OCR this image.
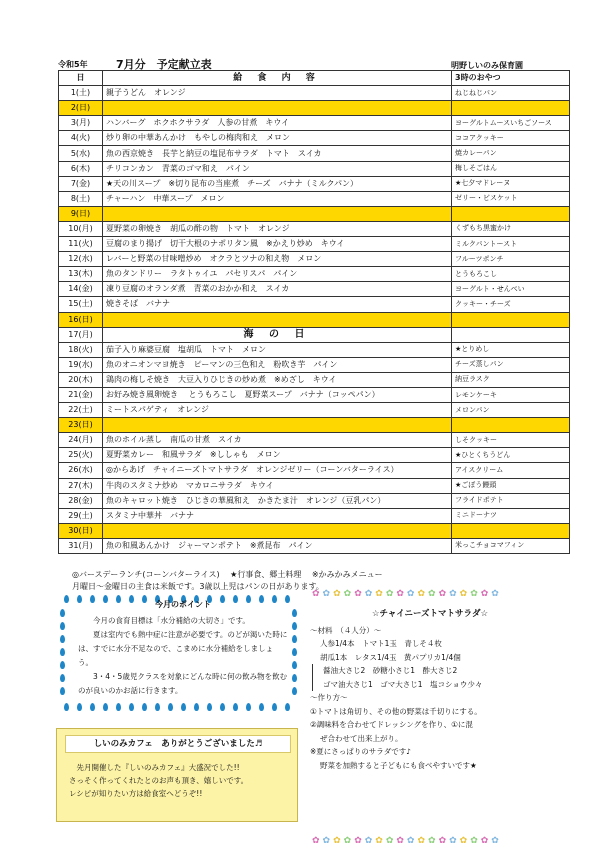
令和5年	7月分　予定献立表	明野しいのみ保育園
日	給 食 内 容	3時のおやつ
1(土)	親子うどん　オレンジ	ねじねじパン
2(日)		
3(月)	ハンバーグ　ホクホクサラダ　人参の甘煮　キウイ	ヨーグルトムースいちごソース
4(火)	炒り卵の中華あんかけ　もやしの梅肉和え　メロン	ココアクッキー
5(水)	魚の西京焼き　長芋と納豆の塩昆布サラダ　トマト　スイカ	焼カレーパン
6(木)	チリコンカン　青菜のゴマ和え　パイン	梅しそごはん
7(金)	★天の川スープ　※切り昆布の当座煮　チーズ　バナナ（ミルクパン）	★七夕マドレーヌ
8(土)	チャーハン　中華スープ　メロン	ゼリー・ビスケット
9(日)		
10(月)	夏野菜の卵焼き　胡瓜の酢の物　トマト　オレンジ	くずもち黒蜜かけ
11(火)	豆腐のまり揚げ　切干大根のナポリタン風　※かえり炒め　キウイ	ミルクパントースト
12(水)	レバーと野菜の甘味噌炒め　オクラとツナの和え物　メロン	フルーツポンチ
13(木)	魚のタンドリー　ラタトゥイユ　パセリスパ　パイン	とうもろこし
14(金)	凍り豆腐のオランダ煮　青菜のおかか和え　スイカ	ヨーグルト・せんべい
15(土)	焼きそば　バナナ	クッキー・チーズ
16(日)		
17(月)	海 の 日	
18(火)	茄子入り麻婆豆腐　塩胡瓜　トマト　メロン	★とりめし
19(水)	魚のオニオンマヨ焼き　ピーマンの三色和え　粉吹き芋　パイン	チーズ蒸しパン
20(木)	鶏肉の梅しそ焼き　大豆入りひじきの炒め煮　※めざし　キウイ	納豆ラスク
21(金)	お好み焼き風卵焼き　 とうもろこし　夏野菜スープ　バナナ（コッペパン）	レモンケーキ
22(土)	ミートスパゲティ　オレンジ	メロンパン
23(日)		
24(月)	魚のホイル蒸し　南瓜の甘煮　スイカ	しそクッキー
25(火)	夏野菜カレー　和風サラダ　※ししゃも　メロン	★ひとくちうどん
26(水)	◎からあげ　チャイニーズトマトサラダ　オレンジゼリー（コーンバターライス）	アイスクリーム
27(木)	牛肉のスタミナ炒め　マカロニサラダ　キウイ	★ごぼう饅頭
28(金)	魚のキャロット焼き　ひじきの華風和え　かきたま汁　オレンジ（豆乳パン）	フライドポテト
29(土)	スタミナ中華丼　バナナ	ミニドーナツ
30(日)		
31(月)	魚の和風あんかけ　ジャーマンポテト　※煮昆布　パイン	米っこチョコマフィン
◎バースデーランチ(コーンバターライス)　 ★行事食、郷土料理　 ※かみかみメニュー
月曜日～金曜日の主食は米飯です。3歳以上児はパンの日があります。
今月のポイント

今月の食育目標は「水分補給の大切さ」です。

夏は室内でも熱中症に注意が必要です。のどが渇いた時には、すでに水分不足なので、こまめに水分補給をしましょう。

3・4・5歳児クラスを対象にどんな時に何の飲み物を飲むのが良いのかお話に行きます。

しいのみカフェ　ありがとうございました♬
先月開催した『しいのみカフェ』大盛況でした!!
さっそく作ってくれたとのお声も頂き、嬉しいです。
レシピが知りたい方は給食室へどうぞ!!
✿ ✿ ✿ ✿ ✿ ✿ ✿ ✿ ✿ ✿ ✿ ✿ ✿ ✿ ✿ ✿ ✿ ✿
☆チャイニーズトマトサラダ☆
～材料　（４人分）～
人参1/4本　トマト1玉　青しそ４枚
胡瓜1本　レタス1/4玉　黄パプリカ1/4個
醤油大さじ2　砂糖小さじ1　酢大さじ2
ゴマ油大さじ1　ゴマ大さじ1　塩コショウ少々
～作り方～
①トマトは角切り、その他の野菜は千切りにする。
②調味料を合わせてドレッシングを作り、①に混
ぜ合わせて出来上がり。
※夏にさっぱりのサラダです♪
野菜を加熱すると子どもにも食べやすいです★
✿ ✿ ✿ ✿ ✿ ✿ ✿ ✿ ✿ ✿ ✿ ✿ ✿ ✿ ✿ ✿ ✿ ✿
